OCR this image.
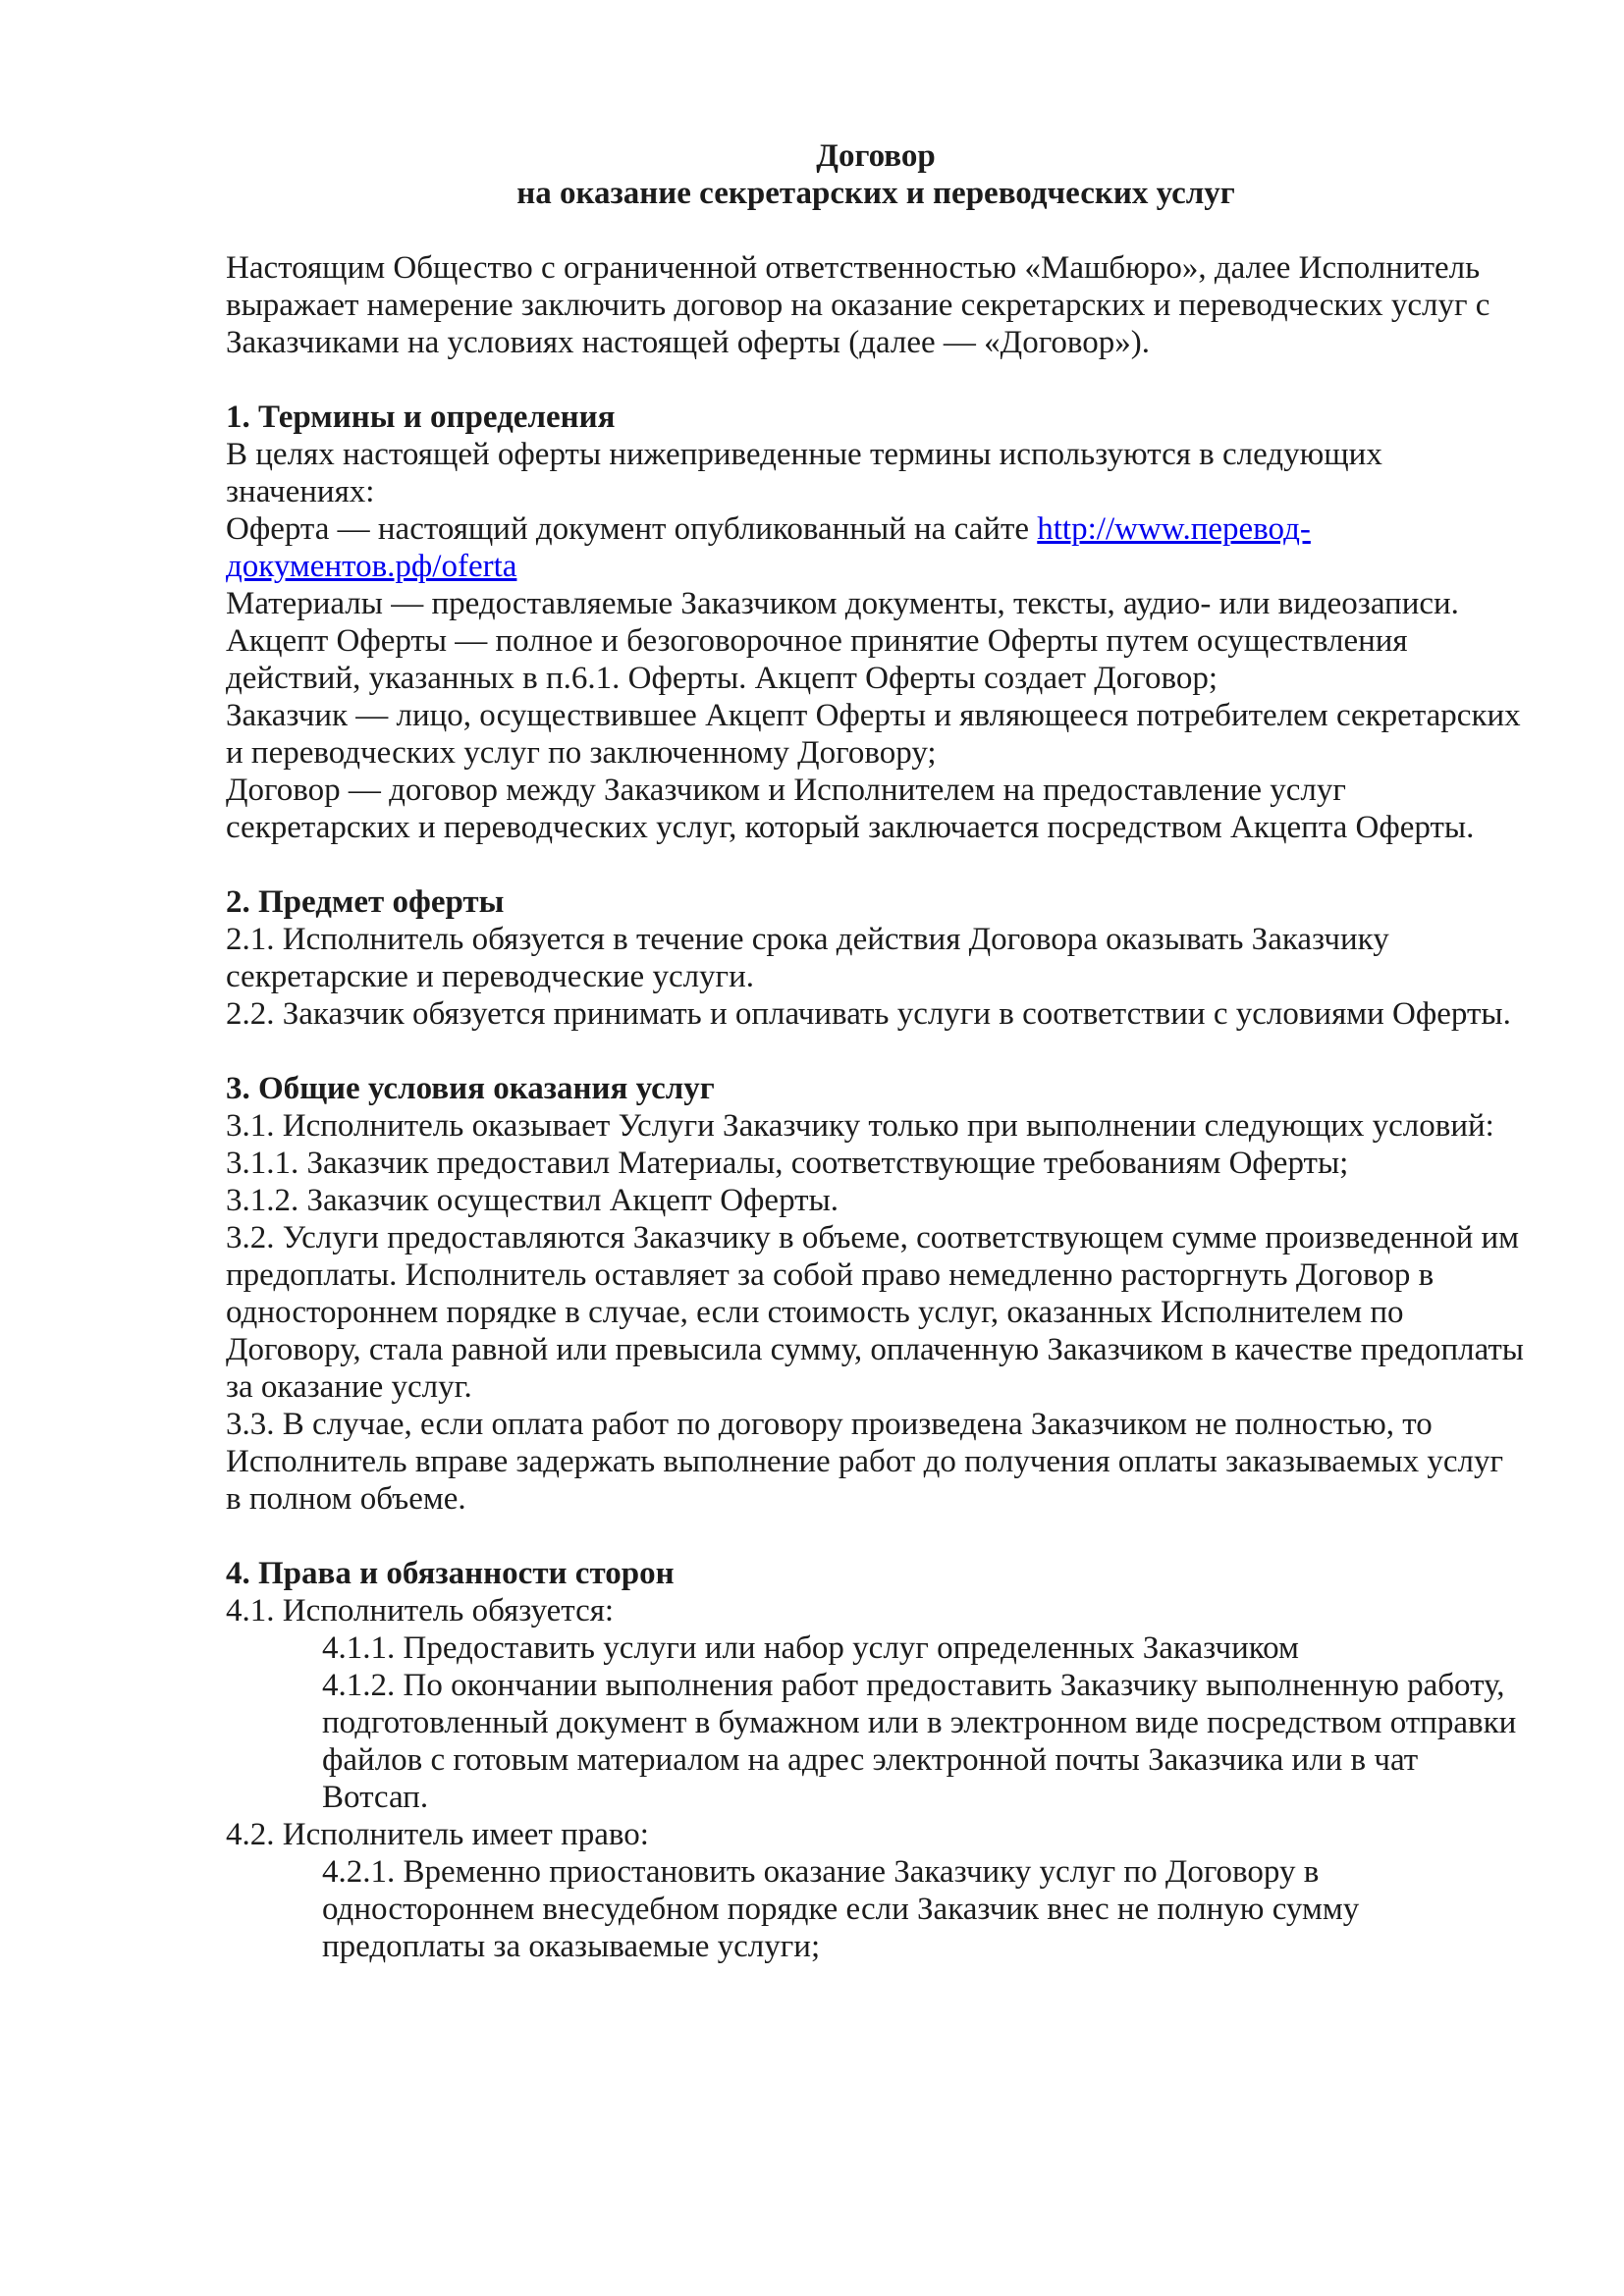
Договор
на оказание секретарских и переводческих услуг

Настоящим Общество с ограниченной ответственностью «Машбюро», далее Исполнитель выражает намерение заключить договор на оказание секретарских и переводческих услуг с Заказчиками на условиях настоящей оферты (далее — «Договор»).

1. Термины и определения

В целях настоящей оферты нижеприведенные термины используются в следующих значениях:

Оферта — настоящий документ опубликованный на сайте http://www.перевод-документов.рф/oferta

Материалы — предоставляемые Заказчиком документы, тексты, аудио- или видеозаписи.

Акцепт Оферты — полное и безоговорочное принятие Оферты путем осуществления действий, указанных в п.6.1. Оферты. Акцепт Оферты создает Договор;

Заказчик — лицо, осуществившее Акцепт Оферты и являющееся потребителем секретарских и переводческих услуг по заключенному Договору;

Договор — договор между Заказчиком и Исполнителем на предоставление услуг секретарских и переводческих услуг, который заключается посредством Акцепта Оферты.

2. Предмет оферты

2.1. Исполнитель обязуется в течение срока действия Договора оказывать Заказчику секретарские и переводческие услуги.

2.2. Заказчик обязуется принимать и оплачивать услуги в соответствии с условиями Оферты.

3. Общие условия оказания услуг

3.1. Исполнитель оказывает Услуги Заказчику только при выполнении следующих условий:

3.1.1. Заказчик предоставил Материалы, соответствующие требованиям Оферты;

3.1.2. Заказчик осуществил Акцепт Оферты.

3.2. Услуги предоставляются Заказчику в объеме, соответствующем сумме произведенной им предоплаты. Исполнитель оставляет за собой право немедленно расторгнуть Договор в одностороннем порядке в случае, если стоимость услуг, оказанных Исполнителем по Договору, стала равной или превысила сумму, оплаченную Заказчиком в качестве предоплаты за оказание услуг.

3.3. В случае, если оплата работ по договору произведена Заказчиком не полностью, то Исполнитель вправе задержать выполнение работ до получения оплаты заказываемых услуг в полном объеме.

4. Права и обязанности сторон

4.1. Исполнитель обязуется:

4.1.1. Предоставить услуги или набор услуг определенных Заказчиком

4.1.2. По окончании выполнения работ предоставить Заказчику выполненную работу, подготовленный документ в бумажном или в электронном виде посредством отправки файлов с готовым материалом на адрес электронной почты Заказчика или в чат Вотсап.

4.2. Исполнитель имеет право:

4.2.1. Временно приостановить оказание Заказчику услуг по Договору в одностороннем внесудебном порядке если Заказчик внес не полную сумму предоплаты за оказываемые услуги;
